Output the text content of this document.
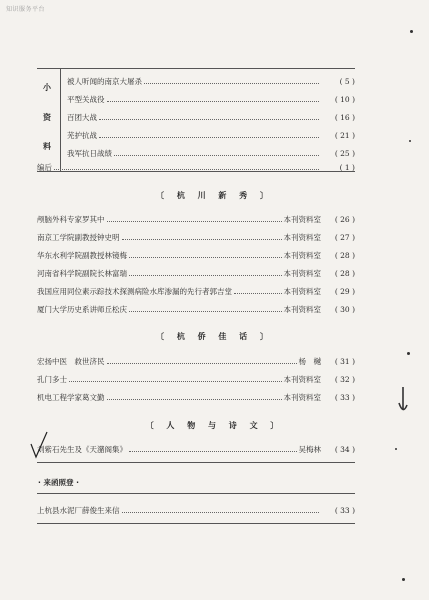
知识服务平台
小
资
料
被人听闻的南京大屠杀	( 5 )
平型关战役	( 10 )
百团大战	( 16 )
芜护抗战	( 21 )
我军抗日战绩	( 25 )
编后	( 1 )
〔 杭 川 新 秀 〕
颅脑外科专家罗其中	本刊资料室	( 26 )
南京工学院副教授钟史明	本刊资料室	( 27 )
华东水利学院副教授林镜梅	本刊资料室	( 28 )
河南省科学院副院长林富瑞	本刊资料室	( 28 )
我国应用同位素示踪技术探测病险水库渗漏的先行者郭吉堂	本刊资料室	( 29 )
厦门大学历史系讲师丘松庆	本刊资料室	( 30 )
〔 杭 侨 佳 话 〕
宏扬中医　救世济民	杨　樾	( 31 )
孔门多士	本刊资料室	( 32 )
机电工程学家葛文勤	本刊资料室	( 33 )
〔 人 物 与 诗 文 〕
刘紫石先生及《天潴阁集》	吴梅林	( 34 )
· 来函照登 ·
上杭县水泥厂薛俊生来信	( 33 )
